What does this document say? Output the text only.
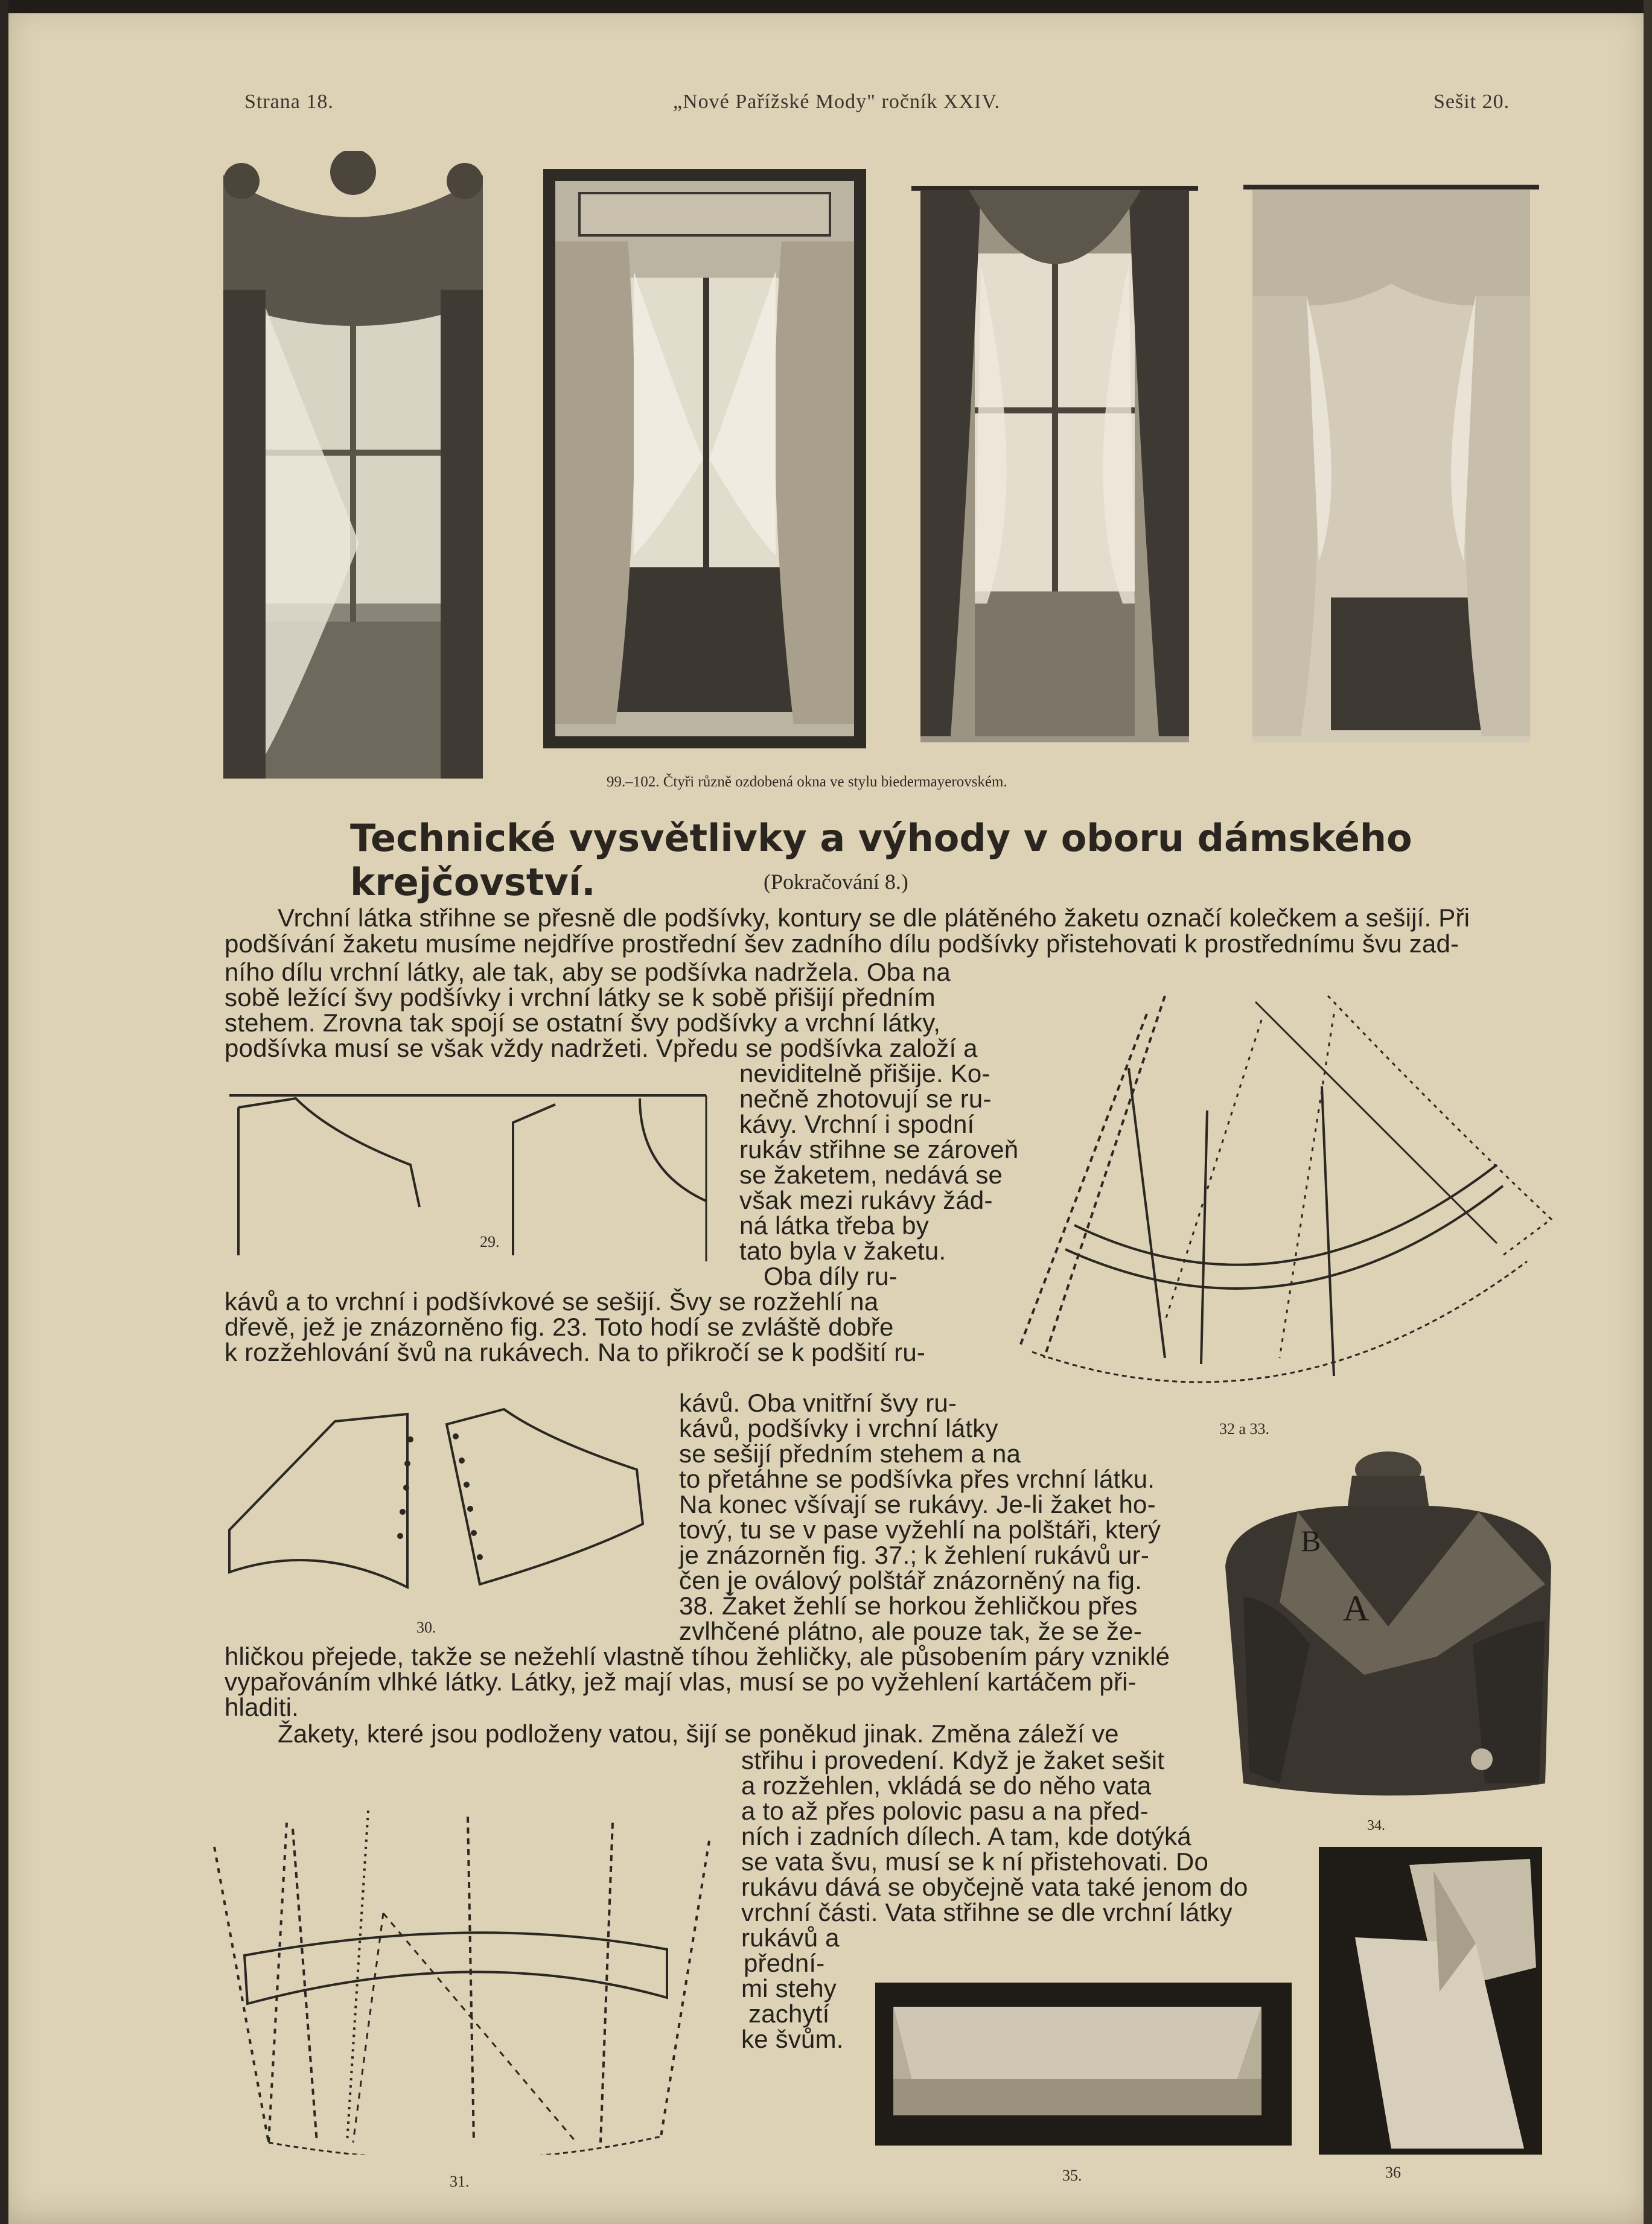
Strana 18.	„Nové Pařížské Mody" ročník XXIV.	Sešit 20.
99.–102. Čtyři různě ozdobená okna ve stylu biedermayerovském.
Technické vysvětlivky a výhody v oboru dámského krejčovství.	(Pokračování 8.)
Vrchní látka střihne se přesně dle podšívky, kontury se dle plátěného žaketu označí kolečkem a sešijí. Při
podšívání žaketu musíme nejdříve prostřední šev zadního dílu podšívky přistehovati k prostřednímu švu zad-
ního dílu vrchní látky, ale tak, aby se podšívka nadržela. Oba na
sobě ležící švy podšívky i vrchní látky se k sobě přišijí předním
stehem. Zrovna tak spojí se ostatní švy podšívky a vrchní látky,
podšívka musí se však vždy nadržeti. Vpředu se podšívka založí a
neviditelně přišije. Ko-
nečně zhotovují se ru-
kávy. Vrchní i spodní
rukáv střihne se zároveň
se žaketem, nedává se
však mezi rukávy žád-
ná látka třeba by
tato byla v žaketu.
Oba díly ru-
29.
kávů a to vrchní i podšívkové se sešijí. Švy se rozžehlí na
dřevě, jež je znázorněno fig. 23. Toto hodí se zvláště dobře
k rozžehlování švů na rukávech. Na to přikročí se k podšití ru-
32 a 33.
30.
kávů. Oba vnitřní švy ru-
kávů, podšívky i vrchní látky
se sešijí předním stehem a na
to přetáhne se podšívka přes vrchní látku.
Na konec všívají se rukávy. Je-li žaket ho-
tový, tu se v pase vyžehlí na polštáři, který
je znázorněn fig. 37.; k žehlení rukávů ur-
čen je oválový polštář znázorněný na fig.
38. Žaket žehlí se horkou žehličkou přes
zvlhčené plátno, ale pouze tak, že se že-
B
A
34.
hličkou přejede, takže se nežehlí vlastně tíhou žehličky, ale působením páry vzniklé
vypařováním vlhké látky. Látky, jež mají vlas, musí se po vyžehlení kartáčem při-
hladiti.
Žakety, které jsou podloženy vatou, šijí se poněkud jinak. Změna záleží ve
střihu i provedení. Když je žaket sešit
a rozžehlen, vkládá se do něho vata
a to až přes polovic pasu a na před-
ních i zadních dílech. A tam, kde dotýká
se vata švu, musí se k ní přistehovati. Do
rukávu dává se obyčejně vata také jenom do
vrchní části. Vata střihne se dle vrchní látky
rukávů a
přední-
mi stehy
zachytí
ke švům.
31.	35.	36
